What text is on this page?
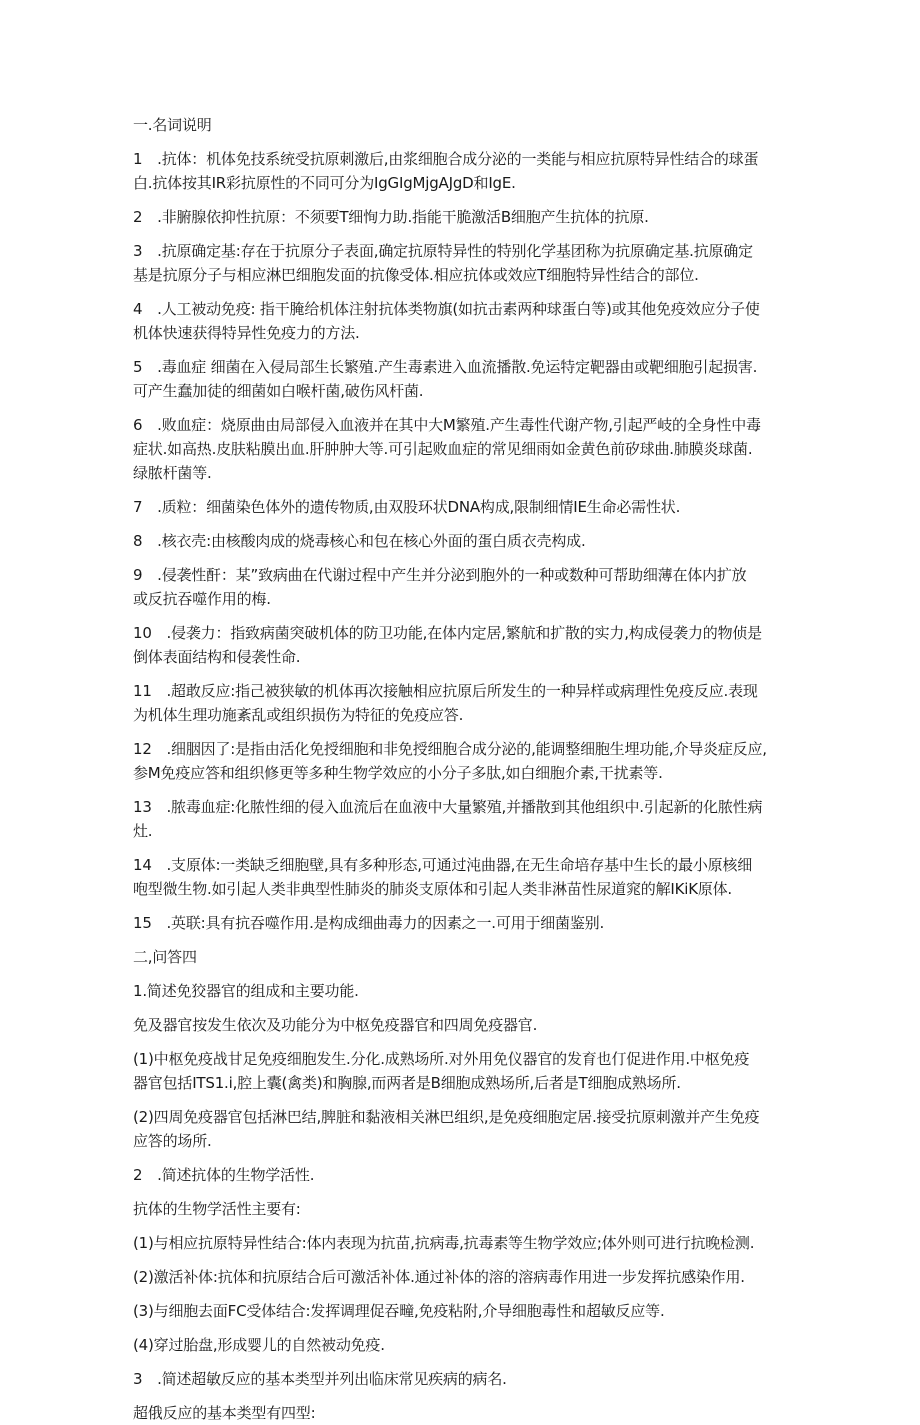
一.名词说明
1　.抗体：机体免技系统受抗原刺激后,由浆细胞合成分泌的一类能与相应抗原特异性结合的球蛋
白.抗体按其IR彩抗原性的不同可分为IgGIgMjgAJgD和IgE.
2　.非腑腺依抑性抗原：不须要T细恂力助.指能干脆激活B细胞产生抗体的抗原.
3　.抗原确定基:存在于抗原分子表面,确定抗原特异性的特别化学基团称为抗原确定基.抗原确定
基是抗原分子与相应淋巴细胞发面的抗像受体.相应抗体或效应T细胞特异性结合的部位.
4　.人工被动免疫: 指干腌给机体注射抗体类物旗(如抗击素两种球蛋白等)或其他免疫效应分子使
机体快速获得特异性免疫力的方法.
5　.毒血症 细菌在入侵局部生长繁殖.产生毒素进入血流播散.免运特定靶器由或靶细胞引起损害.
可产生蠢加徒的细菌如白喉杆菌,破伤风杆菌.
6　.败血症：烧原曲由局部侵入血液并在其中大M繁殖.产生毒性代谢产物,引起严岐的全身性中毒
症状.如高热.皮肤粘膜出血.肝肿肿大等.可引起败血症的常见细雨如金黄色前矽球曲.肺膜炎球菌.
绿脓杆菌等.
7　.质粒：细菌染色体外的遗传物质,由双股环状DNA构成,限制细情IE生命必需性状.
8　.核衣壳:由核酸肉成的烧毒核心和包在核心外面的蛋白质衣壳构成.
9　.侵袭性酐：某”致病曲在代谢过程中产生并分泌到胞外的一种或数种可帮助细薄在体内扩放
或反抗吞噬作用的梅.
10　.侵袭力：指致病菌突破机体的防卫功能,在体内定居,繁航和扩散的实力,构成侵袭力的物侦是
倒体表面结构和侵袭性命.
11　.超敢反应:指己被狭敏的机体再次接触相应抗原后所发生的一种异样或病理性免疫反应.表现
为机体生理功施紊乱或组织损伤为特征的免疫应答.
12　.细胭因了:是指由活化免授细胞和非免授细胞合成分泌的,能调整细胞生埋功能,介导炎症反应,
参M免疫应答和组织修更等多种生物学效应的小分子多肽,如白细胞介素,干扰素等.
13　.脓毒血症:化脓性细的侵入血流后在血液中大量繁殖,并播散到其他组织中.引起新的化脓性病
灶.
14　.支原体:一类缺乏细胞壁,具有多种形态,可通过沌曲器,在无生命培存基中生长的最小原核细
咆型微生物.如引起人类非典型性肺炎的肺炎支原体和引起人类非淋苗性尿道窕的解IKiK原体.
15　.英联:具有抗吞噬作用.是构成细曲毒力的因素之一.可用于细菌鉴别.
二,问答四
1.简述免狡器官的组成和主要功能.
免及器官按发生依次及功能分为中枢免疫器官和四周免疫器官.
(1)中枢免疫战甘足免疫细胞发生.分化.成熟场所.对外用免仪器官的发育也仃促进作用.中枢免疫
器官包括ITS1.i,腔上囊(禽类)和胸腺,而两者是B细胞成熟场所,后者是T细胞成熟场所.
(2)四周免疫器官包括淋巴结,脾脏和黏液相关淋巴组织,是免疫细胞定居.接受抗原刺激并产生免疫
应答的场所.
2　.简述抗体的生物学活性.
抗体的生物学活性主要有:
(1)与相应抗原特异性结合:体内表现为抗苗,抗病毒,抗毒素等生物学效应;体外则可进行抗晚检测.
(2)激活补体:抗体和抗原结合后可激活补体.通过补体的溶的溶病毒作用进一步发挥抗感染作用.
(3)与细胞去面FC受体结合:发挥调理促吞疃,免疫粘附,介导细胞毒性和超敏反应等.
(4)穿过胎盘,形成婴儿的自然被动免疫.
3　.简述超敏反应的基本类型并列出临床常见疾病的病名.
超俄反应的基本类型有四型:
